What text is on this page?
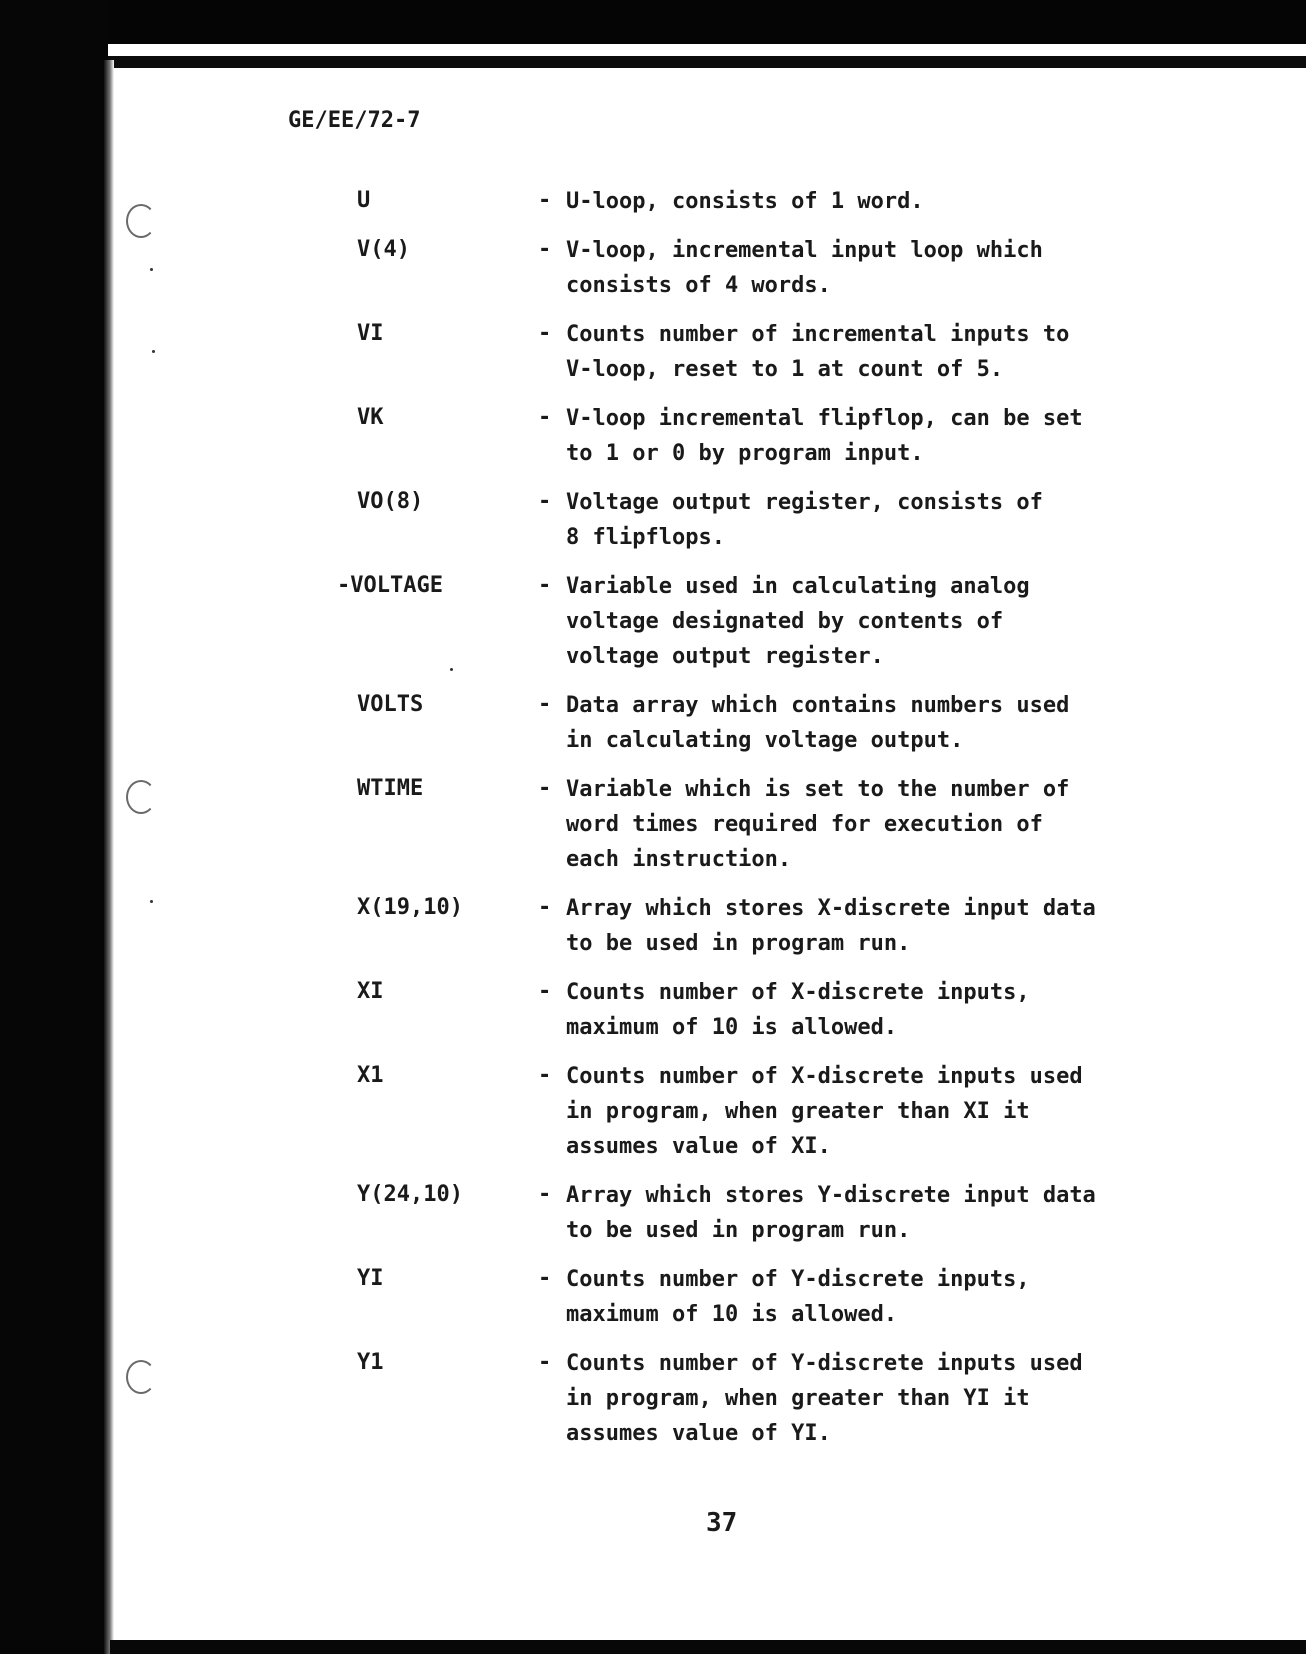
GE/EE/72-7
U	- U-loop, consists of 1 word.
V(4)	- V-loop, incremental input loop which
consists of 4 words.
VI	- Counts number of incremental inputs to
V-loop, reset to 1 at count of 5.
VK	- V-loop incremental flipflop, can be set
to 1 or 0 by program input.
VO(8)	- Voltage output register, consists of
8 flipflops.
-VOLTAGE	- Variable used in calculating analog
voltage designated by contents of
voltage output register.
VOLTS	- Data array which contains numbers used
in calculating voltage output.
WTIME	- Variable which is set to the number of
word times required for execution of
each instruction.
X(19,10)	- Array which stores X-discrete input data
to be used in program run.
XI	- Counts number of X-discrete inputs,
maximum of 10 is allowed.
X1	- Counts number of X-discrete inputs used
in program, when greater than XI it
assumes value of XI.
Y(24,10)	- Array which stores Y-discrete input data
to be used in program run.
YI	- Counts number of Y-discrete inputs,
maximum of 10 is allowed.
Y1	- Counts number of Y-discrete inputs used
in program, when greater than YI it
assumes value of YI.
37
